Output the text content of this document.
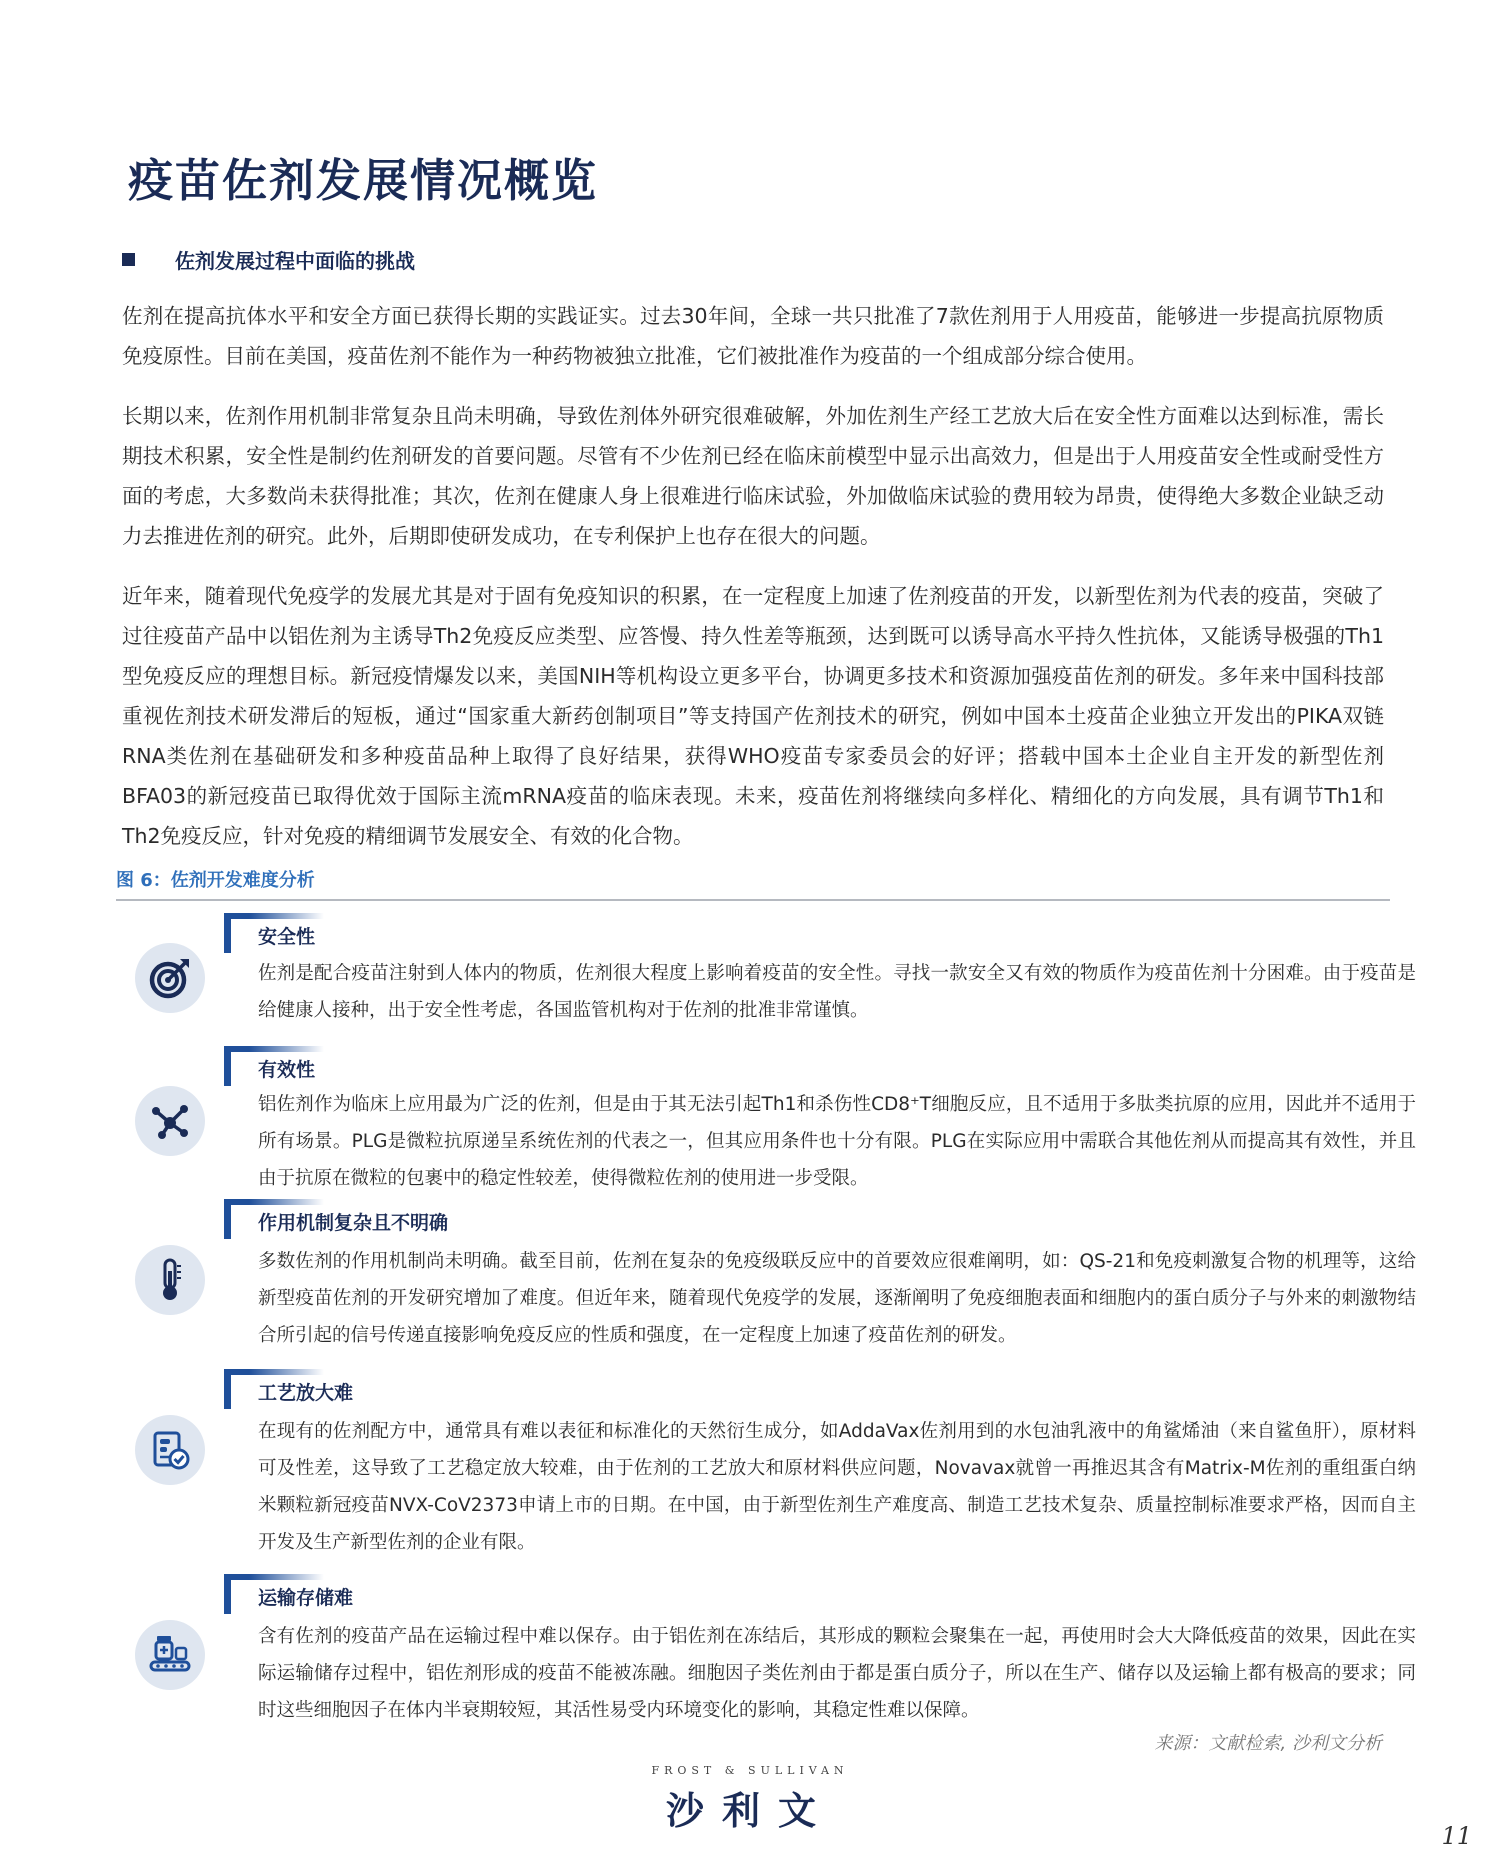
疫苗佐剂发展情况概览
佐剂发展过程中面临的挑战

佐剂在提高抗体水平和安全方面已获得长期的实践证实。过去30年间，全球一共只批准了7款佐剂用于人用疫苗，能够进一步提高抗原物质免疫原性。目前在美国，疫苗佐剂不能作为一种药物被独立批准，它们被批准作为疫苗的一个组成部分综合使用。

长期以来，佐剂作用机制非常复杂且尚未明确，导致佐剂体外研究很难破解，外加佐剂生产经工艺放大后在安全性方面难以达到标准，需长期技术积累，安全性是制约佐剂研发的首要问题。尽管有不少佐剂已经在临床前模型中显示出高效力，但是出于人用疫苗安全性或耐受性方面的考虑，大多数尚未获得批准；其次，佐剂在健康人身上很难进行临床试验，外加做临床试验的费用较为昂贵，使得绝大多数企业缺乏动力去推进佐剂的研究。此外，后期即使研发成功，在专利保护上也存在很大的问题。

近年来，随着现代免疫学的发展尤其是对于固有免疫知识的积累，在一定程度上加速了佐剂疫苗的开发，以新型佐剂为代表的疫苗，突破了过往疫苗产品中以铝佐剂为主诱导Th2免疫反应类型、应答慢、持久性差等瓶颈，达到既可以诱导高水平持久性抗体，又能诱导极强的Th1型免疫反应的理想目标。新冠疫情爆发以来，美国NIH等机构设立更多平台，协调更多技术和资源加强疫苗佐剂的研发。多年来中国科技部重视佐剂技术研发滞后的短板，通过“国家重大新药创制项目”等支持国产佐剂技术的研究，例如中国本土疫苗企业独立开发出的PIKA双链RNA类佐剂在基础研发和多种疫苗品种上取得了良好结果，获得WHO疫苗专家委员会的好评；搭载中国本土企业自主开发的新型佐剂BFA03的新冠疫苗已取得优效于国际主流mRNA疫苗的临床表现。未来，疫苗佐剂将继续向多样化、精细化的方向发展，具有调节Th1和Th2免疫反应，针对免疫的精细调节发展安全、有效的化合物。

图 6：佐剂开发难度分析
安全性

佐剂是配合疫苗注射到人体内的物质，佐剂很大程度上影响着疫苗的安全性。寻找一款安全又有效的物质作为疫苗佐剂十分困难。由于疫苗是给健康人接种，出于安全性考虑，各国监管机构对于佐剂的批准非常谨慎。

有效性

铝佐剂作为临床上应用最为广泛的佐剂，但是由于其无法引起Th1和杀伤性CD8⁺T细胞反应，且不适用于多肽类抗原的应用，因此并不适用于所有场景。PLG是微粒抗原递呈系统佐剂的代表之一，但其应用条件也十分有限。PLG在实际应用中需联合其他佐剂从而提高其有效性，并且由于抗原在微粒的包裹中的稳定性较差，使得微粒佐剂的使用进一步受限。

作用机制复杂且不明确

多数佐剂的作用机制尚未明确。截至目前，佐剂在复杂的免疫级联反应中的首要效应很难阐明，如：QS-21和免疫刺激复合物的机理等，这给新型疫苗佐剂的开发研究增加了难度。但近年来，随着现代免疫学的发展，逐渐阐明了免疫细胞表面和细胞内的蛋白质分子与外来的刺激物结合所引起的信号传递直接影响免疫反应的性质和强度，在一定程度上加速了疫苗佐剂的研发。

工艺放大难

在现有的佐剂配方中，通常具有难以表征和标准化的天然衍生成分，如AddaVax佐剂用到的水包油乳液中的角鲨烯油（来自鲨鱼肝），原材料可及性差，这导致了工艺稳定放大较难，由于佐剂的工艺放大和原材料供应问题，Novavax就曾一再推迟其含有Matrix-M佐剂的重组蛋白纳米颗粒新冠疫苗NVX-CoV2373申请上市的日期。在中国，由于新型佐剂生产难度高、制造工艺技术复杂、质量控制标准要求严格，因而自主开发及生产新型佐剂的企业有限。

运输存储难

含有佐剂的疫苗产品在运输过程中难以保存。由于铝佐剂在冻结后，其形成的颗粒会聚集在一起，再使用时会大大降低疫苗的效果，因此在实际运输储存过程中，铝佐剂形成的疫苗不能被冻融。细胞因子类佐剂由于都是蛋白质分子，所以在生产、储存以及运输上都有极高的要求；同时这些细胞因子在体内半衰期较短，其活性易受内环境变化的影响，其稳定性难以保障。

来源：文献检索, 沙利文分析
FROST & SULLIVAN
沙利文
11
